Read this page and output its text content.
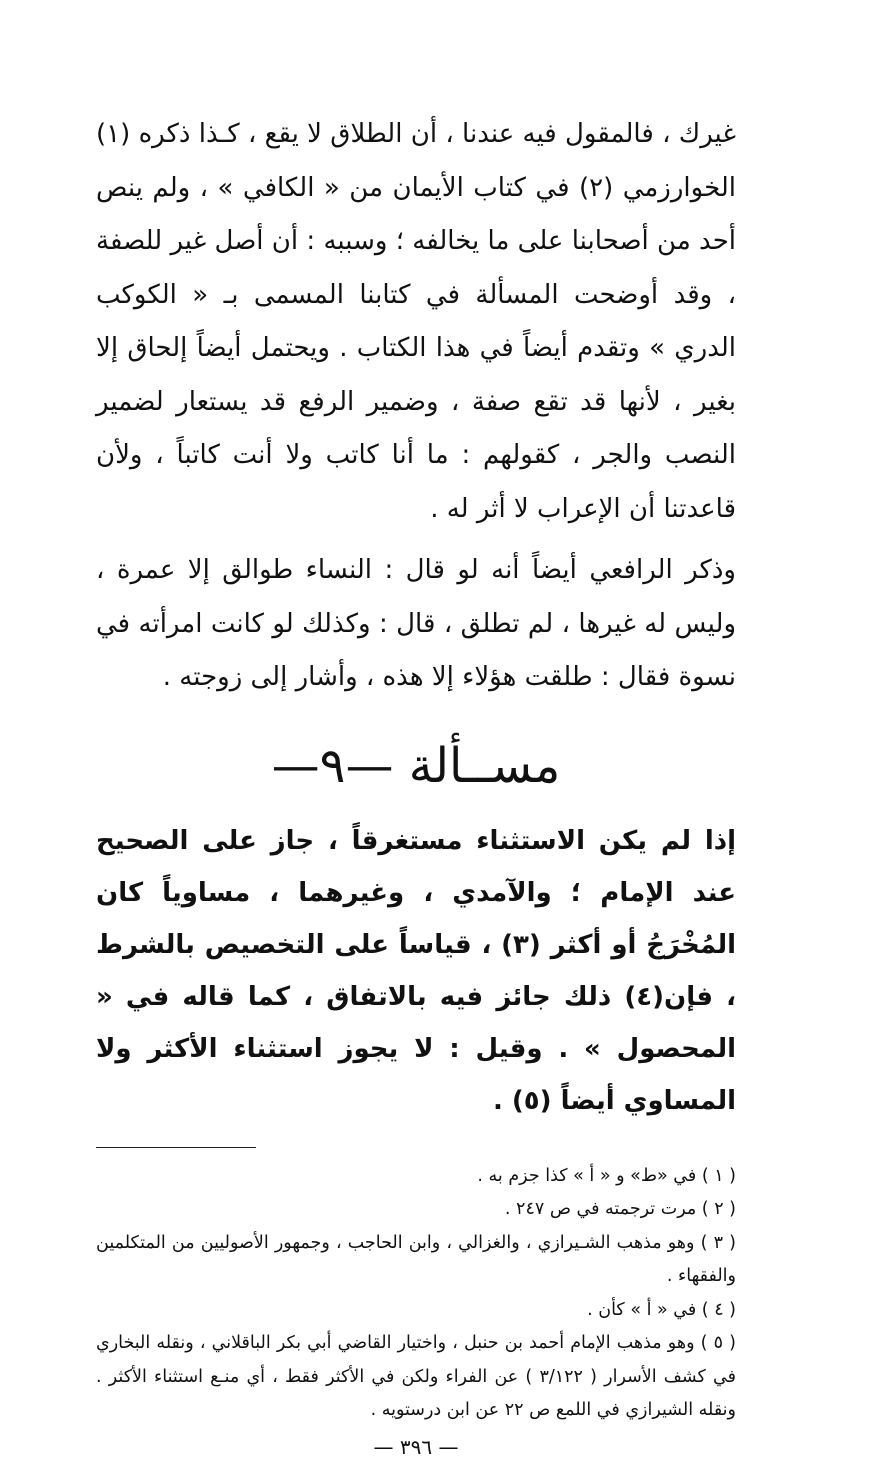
غيرك ، فالمقول فيه عندنا ، أن الطلاق لا يقع ، كـذا ذكره (١) الخوارزمي (٢) في كتاب الأيمان من « الكافي » ، ولم ينص أحد من أصحابنا على ما يخالفه ؛ وسببه : أن أصل غير للصفة ، وقد أوضحت المسألة في كتابنا المسمى بـ « الكوكب الدري » وتقدم أيضاً في هذا الكتاب . ويحتمل أيضاً إلحاق إلا بغير ، لأنها قد تقع صفة ، وضمير الرفع قد يستعار لضمير النصب والجر ، كقولهم : ما أنا كاتب ولا أنت كاتباً ، ولأن قاعدتنا أن الإعراب لا أثر له .

وذكر الرافعي أيضاً أنه لو قال : النساء طوالق إلا عمرة ، وليس له غيرها ، لم تطلق ، قال : وكذلك لو كانت امرأته في نسوة فقال : طلقت هؤلاء إلا هذه ، وأشار إلى زوجته .

مســألة —٩—

إذا لم يكن الاستثناء مستغرقاً ، جاز على الصحيح عند الإمام ؛ والآمدي ، وغيرهما ، مساوياً كان المُخْرَجُ أو أكثر (٣) ، قياساً على التخصيص بالشرط ، فإن(٤) ذلك جائز فيه بالاتفاق ، كما قاله في « المحصول » . وقيل : لا يجوز استثناء الأكثر ولا المساوي أيضاً (٥) .

( ١ ) في «ط» و « أ » كذا جزم به .

( ٢ ) مرت ترجمته في ص ٢٤٧ .

( ٣ ) وهو مذهب الشـيرازي ، والغزالي ، وابن الحاجب ، وجمهور الأصوليين من المتكلمين والفقهاء .

( ٤ ) في « أ » كأن .

( ٥ ) وهو مذهب الإمام أحمد بن حنبل ، واختيار القاضي أبي بكر الباقلاني ، ونقله البخاري في كشف الأسرار ( ٣/١٢٢ ) عن الفراء ولكن في الأكثر فقط ، أي منـع استثناء الأكثر . ونقله الشيرازي في اللمع ص ٢٢ عن ابن درستويه .

— ٣٩٦ —
